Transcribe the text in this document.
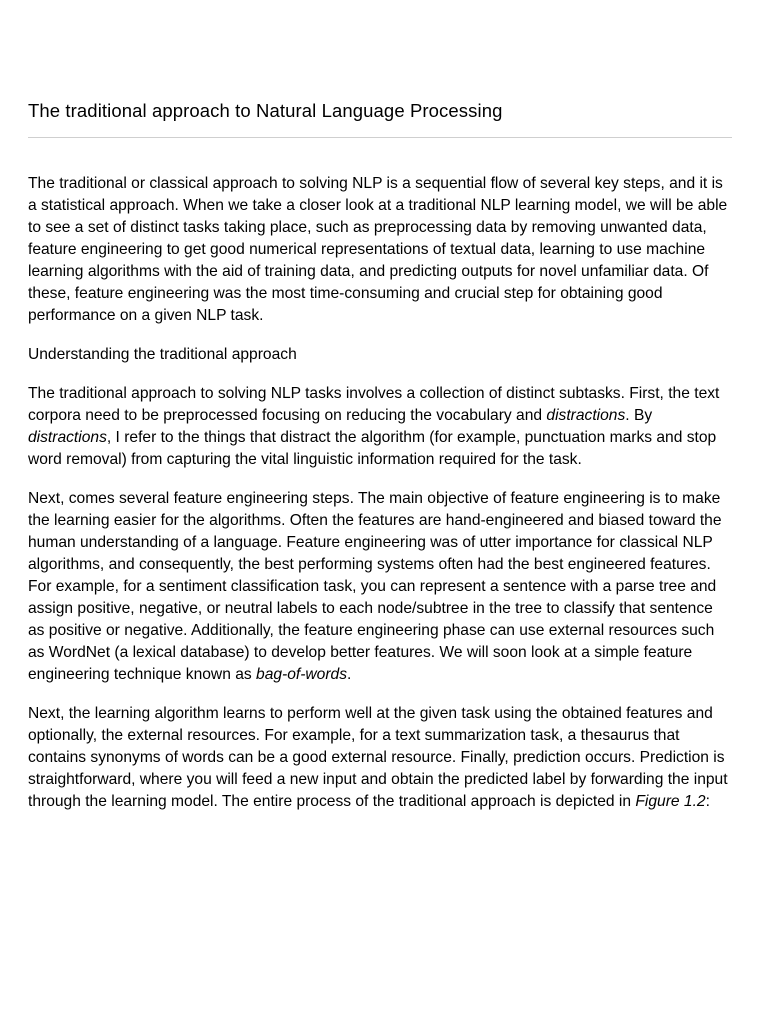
The traditional approach to Natural Language Processing

The traditional or classical approach to solving NLP is a sequential flow of several key steps, and it is a statistical approach. When we take a closer look at a traditional NLP learning model, we will be able to see a set of distinct tasks taking place, such as preprocessing data by removing unwanted data, feature engineering to get good numerical representations of textual data, learning to use machine learning algorithms with the aid of training data, and predicting outputs for novel unfamiliar data. Of these, feature engineering was the most time-consuming and crucial step for obtaining good performance on a given NLP task.

Understanding the traditional approach

The traditional approach to solving NLP tasks involves a collection of distinct subtasks. First, the text corpora need to be preprocessed focusing on reducing the vocabulary and distractions. By distractions, I refer to the things that distract the algorithm (for example, punctuation marks and stop word removal) from capturing the vital linguistic information required for the task.

Next, comes several feature engineering steps. The main objective of feature engineering is to make the learning easier for the algorithms. Often the features are hand-engineered and biased toward the human understanding of a language. Feature engineering was of utter importance for classical NLP algorithms, and consequently, the best performing systems often had the best engineered features. For example, for a sentiment classification task, you can represent a sentence with a parse tree and assign positive, negative, or neutral labels to each node/subtree in the tree to classify that sentence as positive or negative. Additionally, the feature engineering phase can use external resources such as WordNet (a lexical database) to develop better features. We will soon look at a simple feature engineering technique known as bag-of-words.

Next, the learning algorithm learns to perform well at the given task using the obtained features and optionally, the external resources. For example, for a text summarization task, a thesaurus that contains synonyms of words can be a good external resource. Finally, prediction occurs. Prediction is straightforward, where you will feed a new input and obtain the predicted label by forwarding the input through the learning model. The entire process of the traditional approach is depicted in Figure 1.2:
